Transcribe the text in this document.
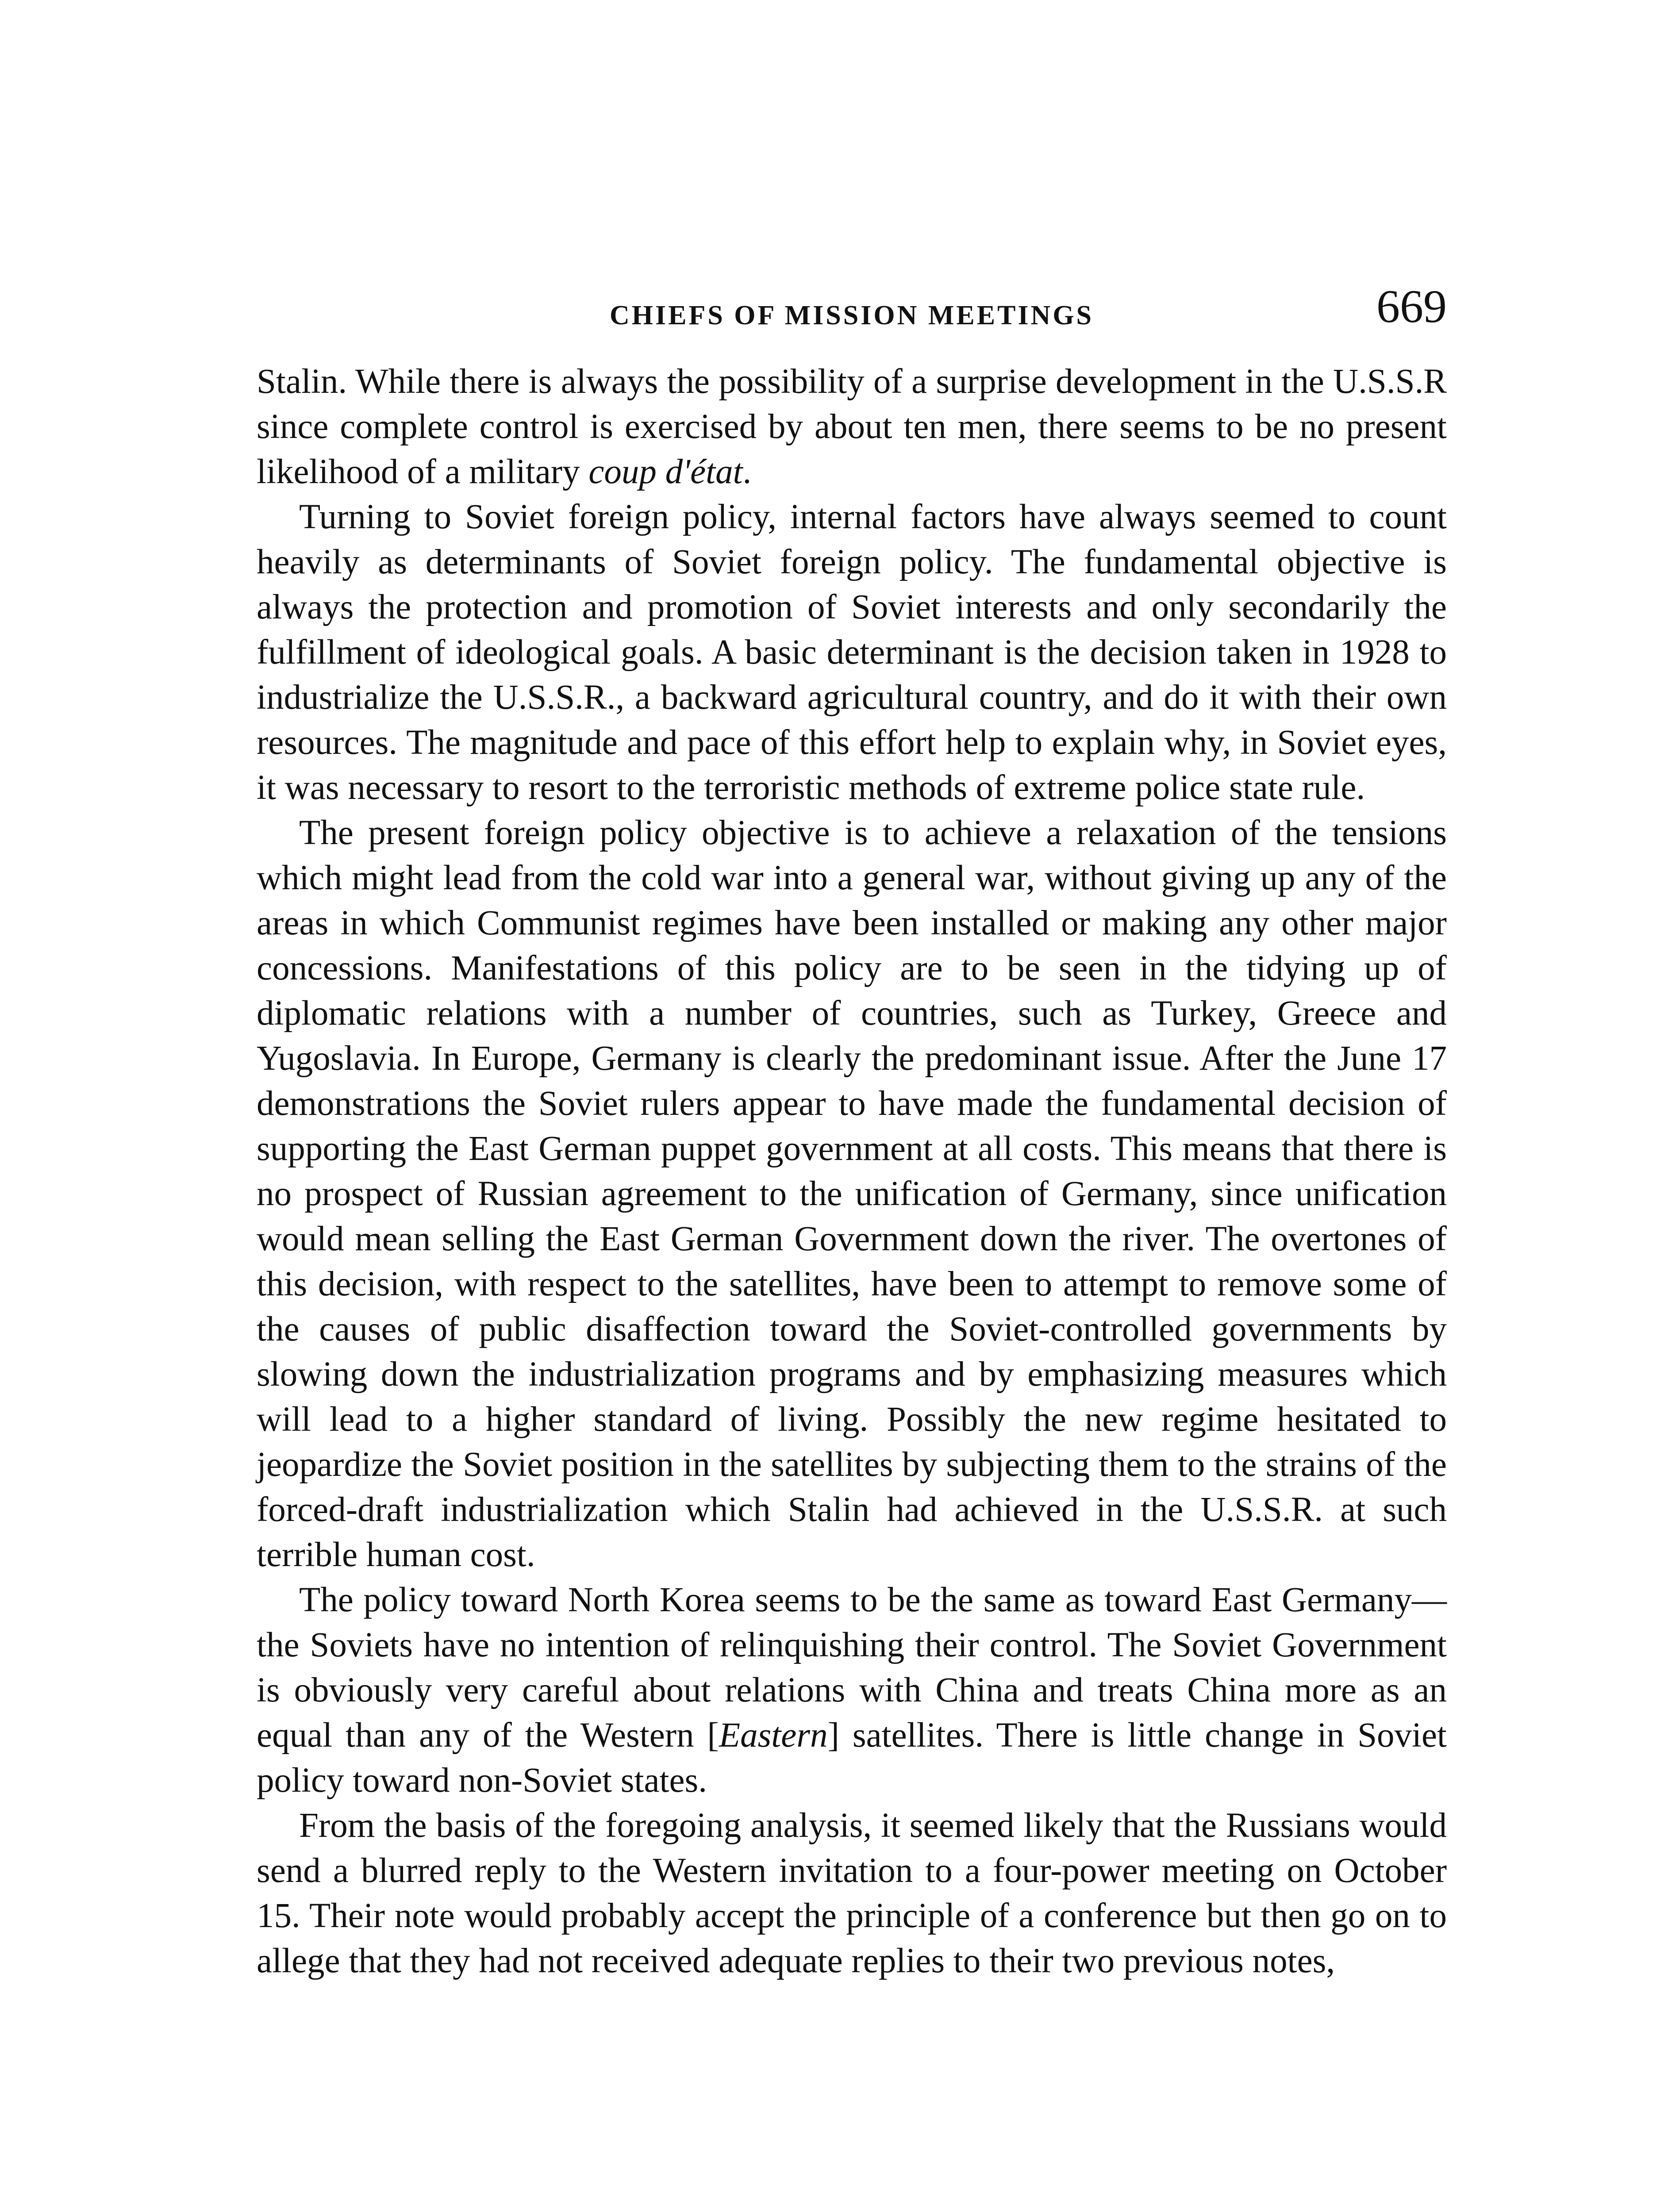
CHIEFS OF MISSION MEETINGS	669

Stalin. While there is always the possibility of a surprise development in the U.S.S.R since complete control is exercised by about ten men, there seems to be no present likelihood of a military coup d'état.

Turning to Soviet foreign policy, internal factors have always seemed to count heavily as determinants of Soviet foreign policy. The fundamental objective is always the protection and promotion of Soviet interests and only secondarily the fulfillment of ideological goals. A basic determinant is the decision taken in 1928 to industrialize the U.S.S.R., a backward agricultural country, and do it with their own resources. The magnitude and pace of this effort help to explain why, in Soviet eyes, it was necessary to resort to the terroristic methods of extreme police state rule.

The present foreign policy objective is to achieve a relaxation of the tensions which might lead from the cold war into a general war, without giving up any of the areas in which Communist regimes have been installed or making any other major concessions. Manifestations of this policy are to be seen in the tidying up of diplomatic relations with a number of countries, such as Turkey, Greece and Yugoslavia. In Europe, Germany is clearly the predominant issue. After the June 17 demonstrations the Soviet rulers appear to have made the fundamental decision of supporting the East German puppet government at all costs. This means that there is no prospect of Russian agreement to the unification of Germany, since unification would mean selling the East German Government down the river. The overtones of this decision, with respect to the satellites, have been to attempt to remove some of the causes of public disaffection toward the Soviet-controlled governments by slowing down the industrialization programs and by emphasizing measures which will lead to a higher standard of living. Possibly the new regime hesitated to jeopardize the Soviet position in the satellites by subjecting them to the strains of the forced-draft industrialization which Stalin had achieved in the U.S.S.R. at such terrible human cost.

The policy toward North Korea seems to be the same as toward East Germany—the Soviets have no intention of relinquishing their control. The Soviet Government is obviously very careful about relations with China and treats China more as an equal than any of the Western [Eastern] satellites. There is little change in Soviet policy toward non-Soviet states.

From the basis of the foregoing analysis, it seemed likely that the Russians would send a blurred reply to the Western invitation to a four-power meeting on October 15. Their note would probably accept the principle of a conference but then go on to allege that they had not received adequate replies to their two previous notes,
